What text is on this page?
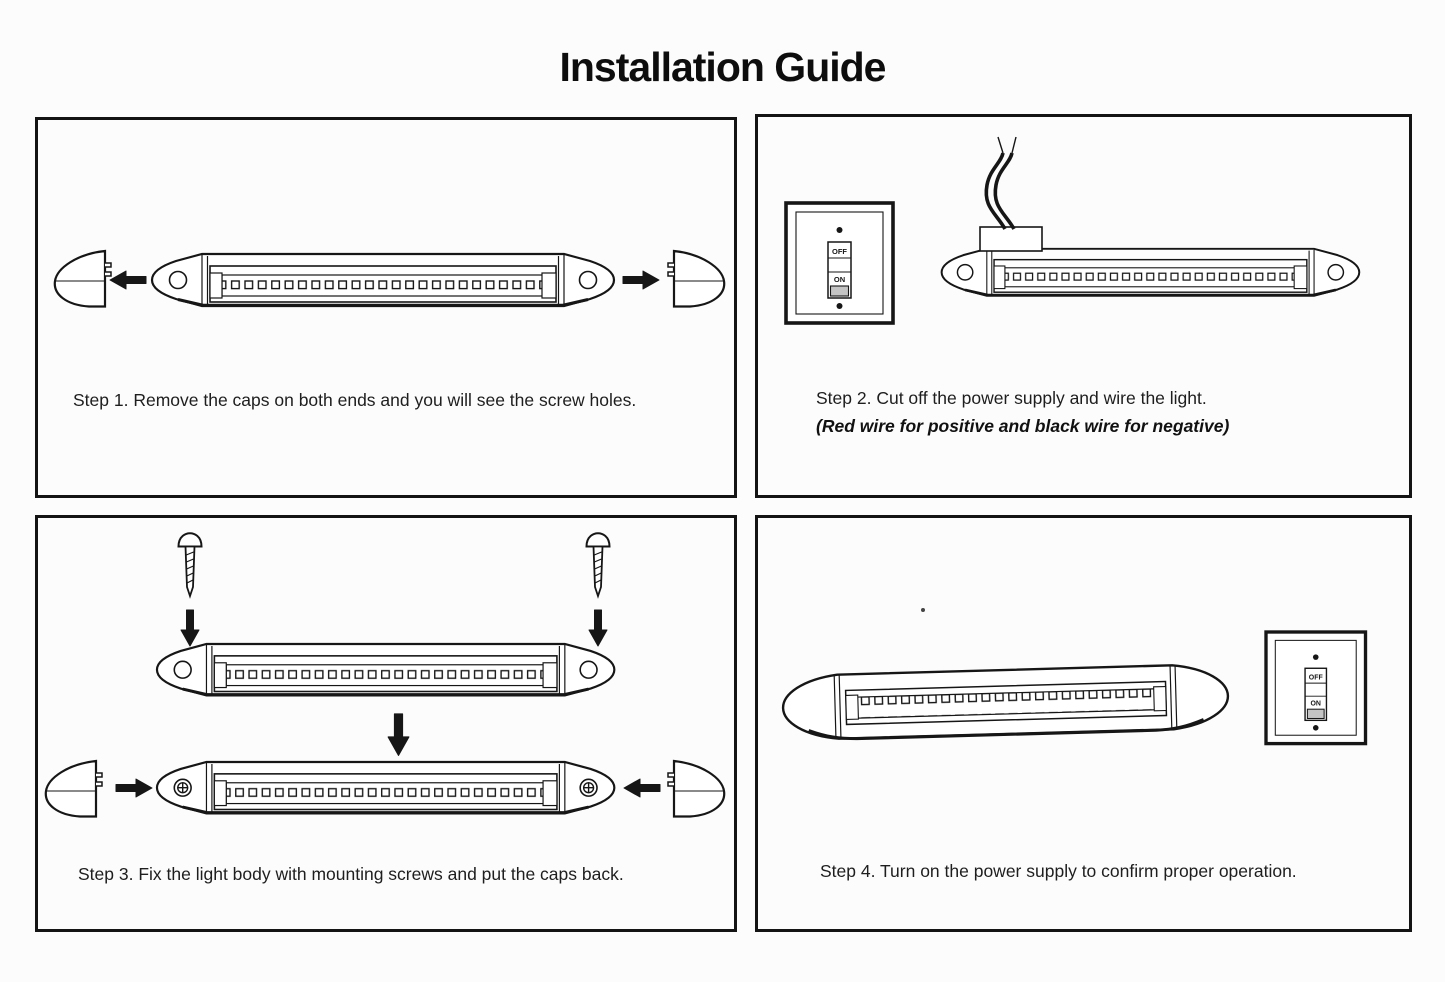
Installation Guide
Step 1. Remove the caps on both ends and you will see the screw holes.
OFF
ON
Step 2. Cut off the power supply and wire the light.
(Red wire for positive and black wire for negative)
Step 3. Fix the light body with mounting screws and put the caps back.
OFF
ON
Step 4. Turn on the power supply to confirm proper operation.
